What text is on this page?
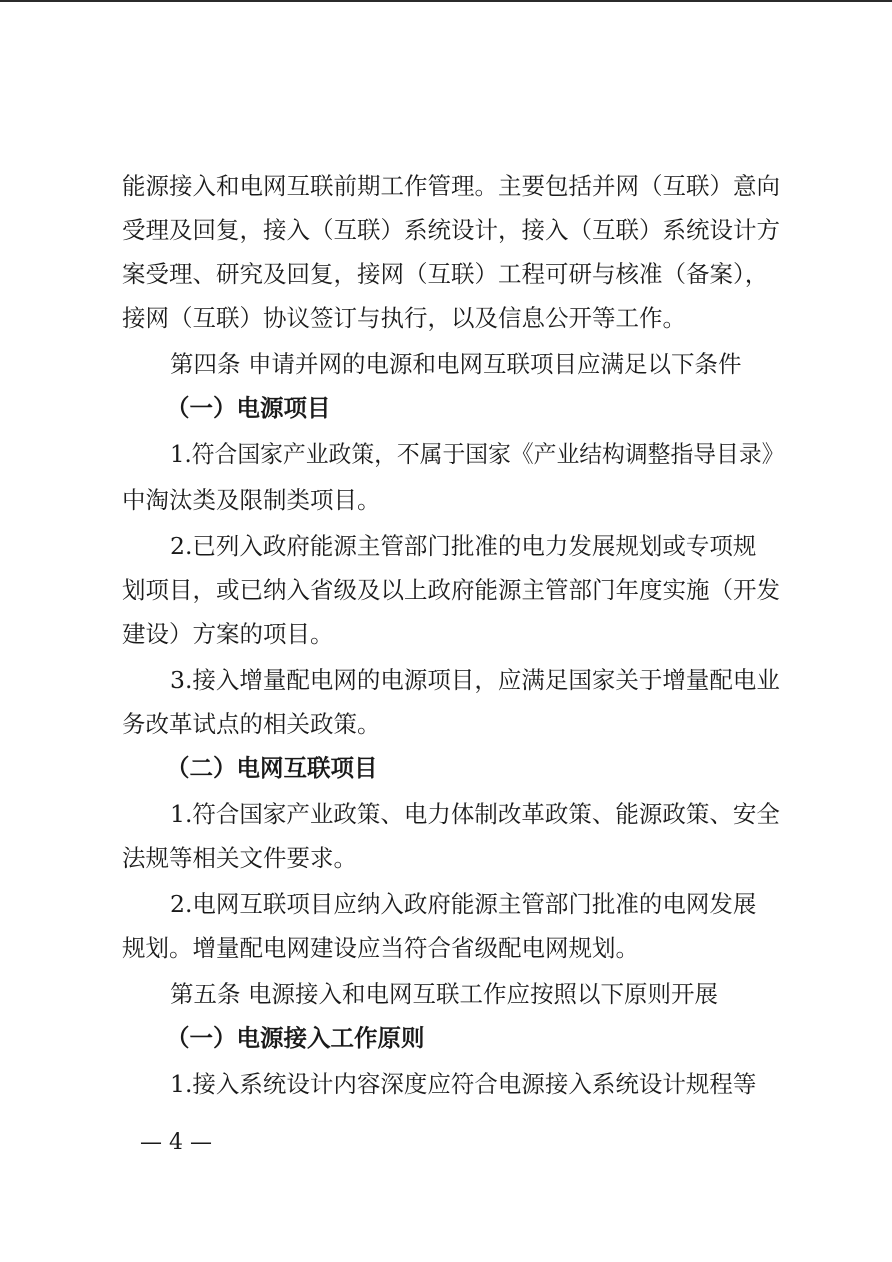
能源接入和电网互联前期工作管理。主要包括并网（互联）意向
受理及回复，接入（互联）系统设计，接入（互联）系统设计方
案受理、研究及回复，接网（互联）工程可研与核准（备案），
接网（互联）协议签订与执行，以及信息公开等工作。
第四条 申请并网的电源和电网互联项目应满足以下条件
（一）电源项目
1.符合国家产业政策，不属于国家《产业结构调整指导目录》
中淘汰类及限制类项目。
2.已列入政府能源主管部门批准的电力发展规划或专项规
划项目，或已纳入省级及以上政府能源主管部门年度实施（开发
建设）方案的项目。
3.接入增量配电网的电源项目，应满足国家关于增量配电业
务改革试点的相关政策。
（二）电网互联项目
1.符合国家产业政策、电力体制改革政策、能源政策、安全
法规等相关文件要求。
2.电网互联项目应纳入政府能源主管部门批准的电网发展
规划。增量配电网建设应当符合省级配电网规划。
第五条 电源接入和电网互联工作应按照以下原则开展
（一）电源接入工作原则
1.接入系统设计内容深度应符合电源接入系统设计规程等
— 4 —
